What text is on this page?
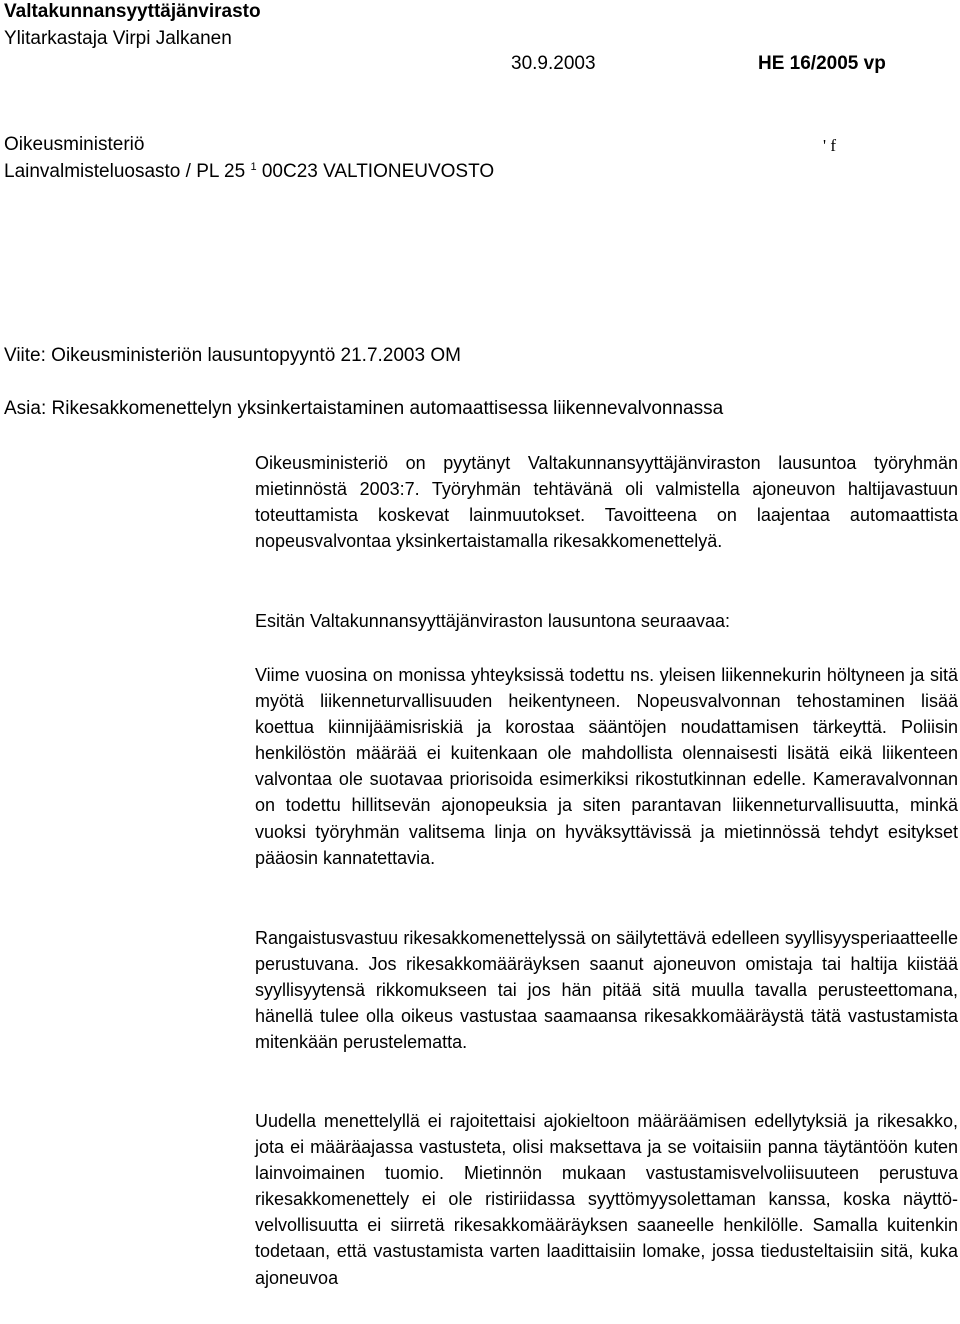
Valtakunnansyyttäjänvirasto
Ylitarkastaja Virpi Jalkanen
30.9.2003	HE 16/2005 vp
Oikeusministeriö	' f
Lainvalmisteluosasto / PL 25 $^1$ 00C23 VALTIONEUVOSTO
Viite: Oikeusministeriön lausuntopyyntö 21.7.2003 OM
Asia: Rikesakkomenettelyn yksinkertaistaminen automaattisessa liikennevalvonnassa

Oikeusministeriö on pyytänyt Valtakunnansyyttäjänviraston lausuntoa työryhmän mietinnöstä 2003:7. Työryhmän tehtävänä oli valmistella ajoneuvon haltijavastuun toteuttamista koskevat lainmuutokset. Tavoitteena on laajentaa automaattista nopeusvalvontaa yksinkertaistamalla rikesakkomenettelyä.

Esitän Valtakunnansyyttäjänviraston lausuntona seuraavaa:

Viime vuosina on monissa yhteyksissä todettu ns. yleisen liikennekurin höltyneen ja sitä myötä liikenneturvallisuuden heikentyneen. Nopeusvalvonnan tehostaminen lisää koettua kiinnijäämisriskiä ja korostaa sääntöjen noudattamisen tärkeyttä. Poliisin henkilöstön määrää ei kuitenkaan ole mahdollista olennaisesti lisätä eikä liikenteen valvontaa ole suotavaa priorisoida esimerkiksi rikostutkinnan edelle. Kameravalvonnan on todettu hillitsevän ajonopeuksia ja siten parantavan liikenneturvallisuutta, minkä vuoksi työryhmän valitsema linja on hyväksyttävissä ja mietinnössä tehdyt esitykset pääosin kannatettavia.

Rangaistusvastuu rikesakkomenettelyssä on säilytettävä edelleen syyllisyysperiaatteelle perustuvana. Jos rikesakkomääräyksen saanut ajoneuvon omistaja tai haltija kiistää syyllisyytensä rikkomukseen tai jos hän pitää sitä muulla tavalla perusteettomana, hänellä tulee olla oikeus vastustaa saamaansa rikesakkomääräystä tätä vastustamista mitenkään perustelematta.

Uudella menettelyllä ei rajoitettaisi ajokieltoon määräämisen edellytyksiä ja rikesakko, jota ei määräajassa vastusteta, olisi maksettava ja se voitaisiin panna täytäntöön kuten lainvoimainen tuomio. Mietinnön mukaan vastustamisvelvoliisuuteen perustuva rikesakkomenettely ei ole ristiriidassa syyttömyysolettaman kanssa, koska näyttö- velvollisuutta ei siirretä rikesakkomääräyksen saaneelle henkilölle. Samalla kuitenkin todetaan, että vastustamista varten laadittaisiin lomake, jossa tiedusteltaisiin sitä, kuka ajoneuvoa
